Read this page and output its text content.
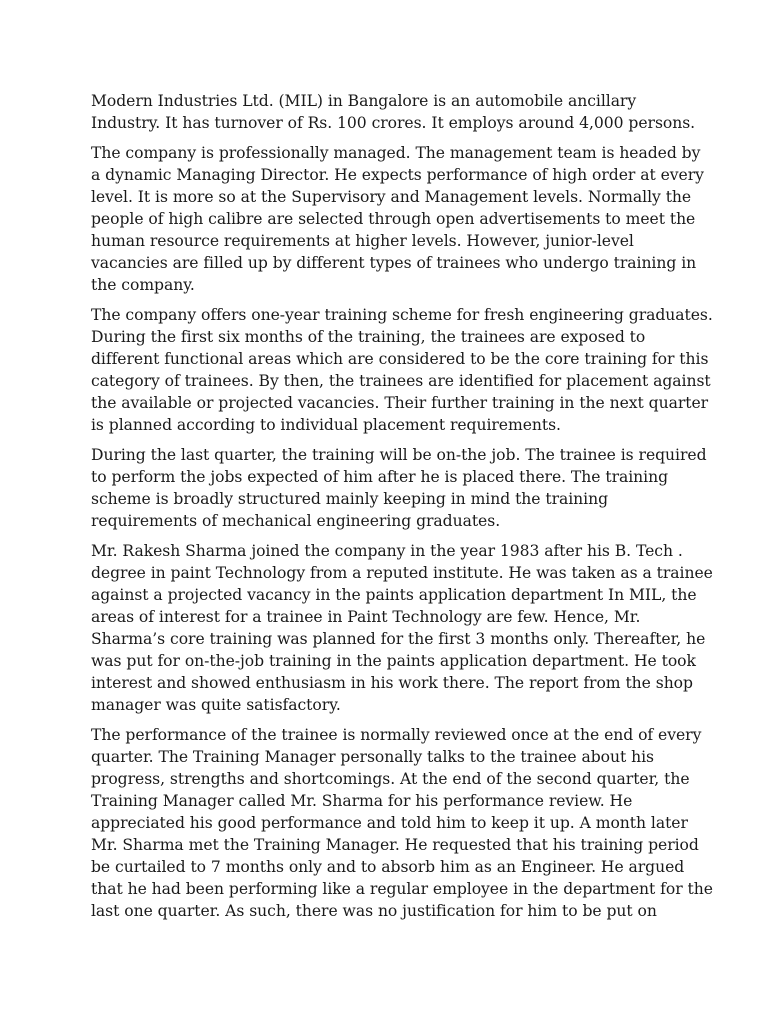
Modern Industries Ltd. (MIL) in Bangalore is an automobile ancillary
Industry. It has turnover of Rs. 100 crores. It employs around 4,000 persons.

The company is professionally managed. The management team is headed by
a dynamic Managing Director. He expects performance of high order at every
level. It is more so at the Supervisory and Management levels. Normally the
people of high calibre are selected through open advertisements to meet the
human resource requirements at higher levels. However, junior-level
vacancies are filled up by different types of trainees who undergo training in
the company.

The company offers one-year training scheme for fresh engineering graduates.
During the first six months of the training, the trainees are exposed to
different functional areas which are considered to be the core training for this
category of trainees. By then, the trainees are identified for placement against
the available or projected vacancies. Their further training in the next quarter
is planned according to individual placement requirements.

During the last quarter, the training will be on-the job. The trainee is required
to perform the jobs expected of him after he is placed there. The training
scheme is broadly structured mainly keeping in mind the training
requirements of mechanical engineering graduates.

Mr. Rakesh Sharma joined the company in the year 1983 after his B. Tech .
degree in paint Technology from a reputed institute. He was taken as a trainee
against a projected vacancy in the paints application department In MIL, the
areas of interest for a trainee in Paint Technology are few. Hence, Mr.
Sharma’s core training was planned for the first 3 months only. Thereafter, he
was put for on-the-job training in the paints application department. He took
interest and showed enthusiasm in his work there. The report from the shop
manager was quite satisfactory.

The performance of the trainee is normally reviewed once at the end of every
quarter. The Training Manager personally talks to the trainee about his
progress, strengths and shortcomings. At the end of the second quarter, the
Training Manager called Mr. Sharma for his performance review. He
appreciated his good performance and told him to keep it up. A month later
Mr. Sharma met the Training Manager. He requested that his training period
be curtailed to 7 months only and to absorb him as an Engineer. He argued
that he had been performing like a regular employee in the department for the
last one quarter. As such, there was no justification for him to be put on
